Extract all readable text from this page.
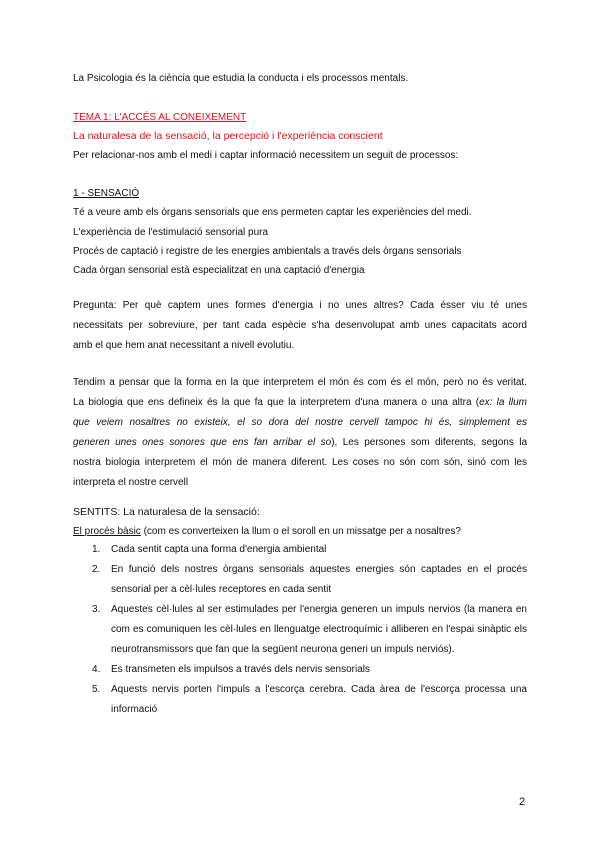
La Psicologia és la ciència que estudia la conducta i els processos mentals.
TEMA 1: L'ACCÉS AL CONEIXEMENT
La naturalesa de la sensació, la percepció i l'experiència conscient
Per relacionar-nos amb el medi i captar informació necessitem un seguit de processos:
1 - SENSACIÓ
Té a veure amb els òrgans sensorials que ens permeten captar les experiències del medi.
L'experiència de l'estimulació sensorial pura
Procés de captació i registre de les energies ambientals a través dels òrgans sensorials
Cada òrgan sensorial està especialitzat en una captació d'energia
Pregunta: Per què captem unes formes d'energia i no unes altres? Cada ésser viu té unes
necessitats per sobreviure, per tant cada espècie s'ha desenvolupat amb unes capacitats acord
amb el que hem anat necessitant a nivell evolutiu.
Tendim a pensar que la forma en la que interpretem el món és com és el món, però no és veritat.
La biologia que ens defineix és la que fa que la interpretem d'una manera o una altra (ex: la llum
que veiem nosaltres no existeix, el so dora del nostre cervell tampoc hi és, simplement es
generen unes ones sonores que ens fan arribar el so), Les persones som diferents, segons la
nostra biologia interpretem el món de manera diferent. Les coses no són com són, sinó com les
interpreta el nostre cervell
SENTITS: La naturalesa de la sensació:
El procés bàsic (com es converteixen la llum o el soroll en un missatge per a nosaltres?
1. Cada sentit capta una forma d'energia ambiental
2. En funció dels nostres òrgans sensorials aquestes energies són captades en el procés sensorial per a cèl·lules receptores en cada sentit
3. Aquestes cèl·lules al ser estimulades per l'energia generen un impuls nervios (la manera en com es comuniquen les cèl·lules en llenguatge electroquímic i alliberen en l'espai sinàptic els neurotransmissors que fan que la següent neurona generi un impuls nerviós).
4. Es transmeten els impulsos a través dels nervis sensorials
5. Aquests nervis porten l'impuls a l'escorça cerebra. Cada àrea de l'escorça processa una informació
2
